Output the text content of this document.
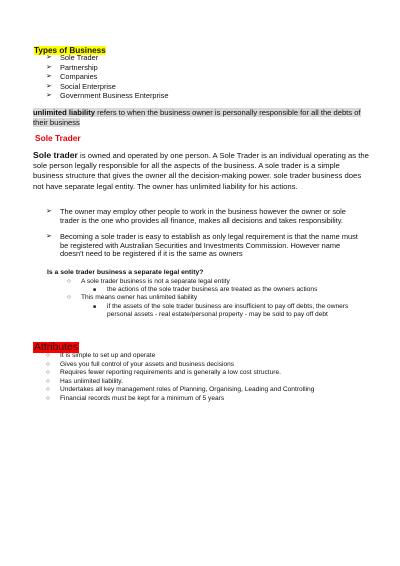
Types of Business
➢ Sole Trader
➢ Partnership
➢ Companies
➢ Social Enterprise
➢ Government Business Enterprise
unlimited liability refers to when the business owner is personally responsible for all the debts of their business
Sole Trader
Sole trader is owned and operated by one person. A Sole Trader is an individual operating as the sole person legally responsible for all the aspects of the business. A sole trader is a simple business structure that gives the owner all the decision-making power. sole trader business does not have separate legal entity. The owner has unlimited liability for his actions.
➢ The owner may employ other people to work in the business however the owner or sole trader is the one who provides all finance, makes all decisions and takes responsibility.
➢ Becoming a sole trader is easy to establish as only legal requirement is that the name must be registered with Australian Securities and Investments Commission. However name doesn't need to be registered if it is the same as owners
Is a sole trader business a separate legal entity?
○ A sole trader business is not a separate legal entity
■ the actions of the sole trader business are treated as the owners actions
○ This means owner has unlimited liability
■ if the assets of the sole trader business are insufficient to pay off debts, the owners personal assets - real estate/personal property - may be sold to pay off debt
Attributes
○ It is simple to set up and operate
○ Gives you full control of your assets and business decisions
○ Requires fewer reporting requirements and is generally a low cost structure.
○ Has unlimited liability.
○ Undertakes all key management roles of Planning, Organising, Leading and Controlling
○ Financial records must be kept for a minimum of 5 years
